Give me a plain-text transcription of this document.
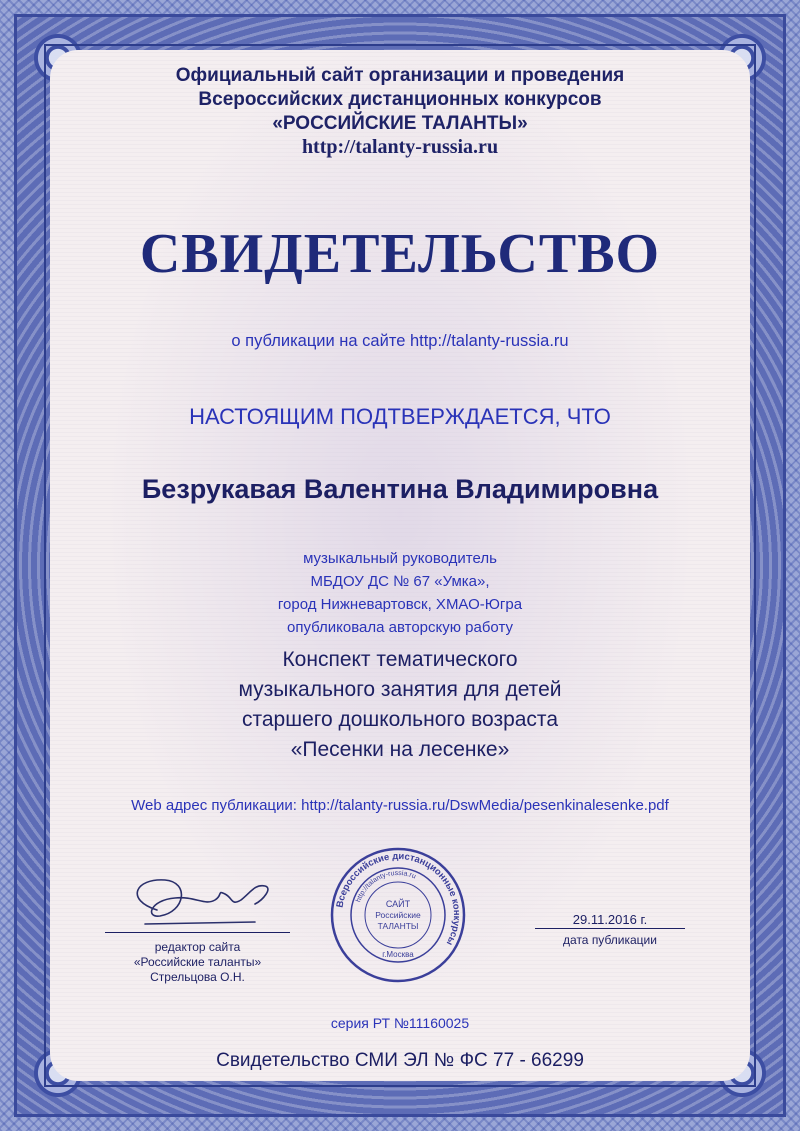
Официальный сайт организации и проведения
Всероссийских дистанционных конкурсов
«РОССИЙСКИЕ ТАЛАНТЫ»
http://talanty-russia.ru
СВИДЕТЕЛЬСТВО
о публикации на сайте http://talanty-russia.ru
НАСТОЯЩИМ ПОДТВЕРЖДАЕТСЯ, ЧТО
Безрукавая Валентина Владимировна
музыкальный руководитель
МБДОУ ДС № 67 «Умка»,
город Нижневартовск, ХМАО-Югра
опубликовала авторскую работу
Конспект тематического
музыкального занятия для детей
старшего дошкольного возраста
«Песенки на лесенке»
Web адрес публикации: http://talanty-russia.ru/DswMedia/pesenkinalesenke.pdf
редактор сайта
«Российские таланты»
Стрельцова О.Н.
Всероссийские дистанционные конкурсы
http://talanty-russia.ru
САЙТ
Российские
ТАЛАНТЫ
г.Москва
29.11.2016 г.
дата публикации
серия РТ №11160025
Свидетельство СМИ ЭЛ № ФС 77 - 66299
